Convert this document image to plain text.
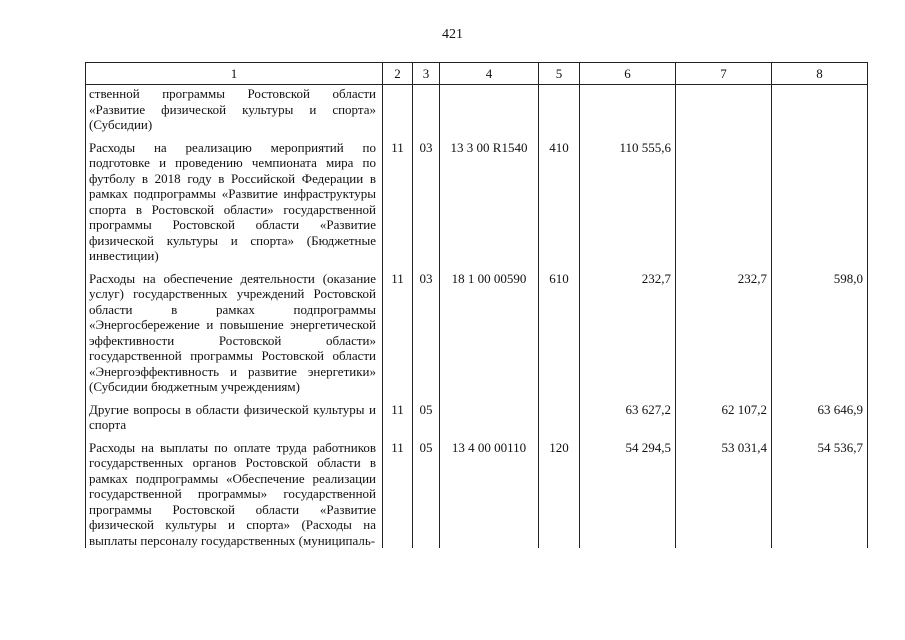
421
1	2	3	4	5	6	7	8
ственной программы Ростовской области «Развитие физической культуры и спорта» (Субсидии)							
Расходы на реализацию мероприятий по подготовке и проведению чемпионата мира по футболу в 2018 году в Российской Федерации в рамках подпрограммы «Развитие инфраструктуры спорта в Ростовской области» государственной программы Ростовской области «Развитие физической культуры и спорта» (Бюджетные инвестиции)	11	03	13 3 00 R1540	410	110 555,6		
Расходы на обеспечение деятельности (оказание услуг) государственных учреждений Ростовской области в рамках подпрограммы «Энергосбережение и повышение энергетической эффективности Ростовской области» государственной программы Ростовской области «Энергоэффективность и развитие энергетики» (Субсидии бюджетным учреждениям)	11	03	18 1 00 00590	610	232,7	232,7	598,0
Другие вопросы в области физической культуры и спорта	11	05			63 627,2	62 107,2	63 646,9
Расходы на выплаты по оплате труда работников государственных органов Ростовской области в рамках подпрограммы «Обеспечение реализации государственной программы» государственной программы Ростовской области «Развитие физической культуры и спорта» (Расходы на выплаты персоналу государственных (муниципаль-	11	05	13 4 00 00110	120	54 294,5	53 031,4	54 536,7
